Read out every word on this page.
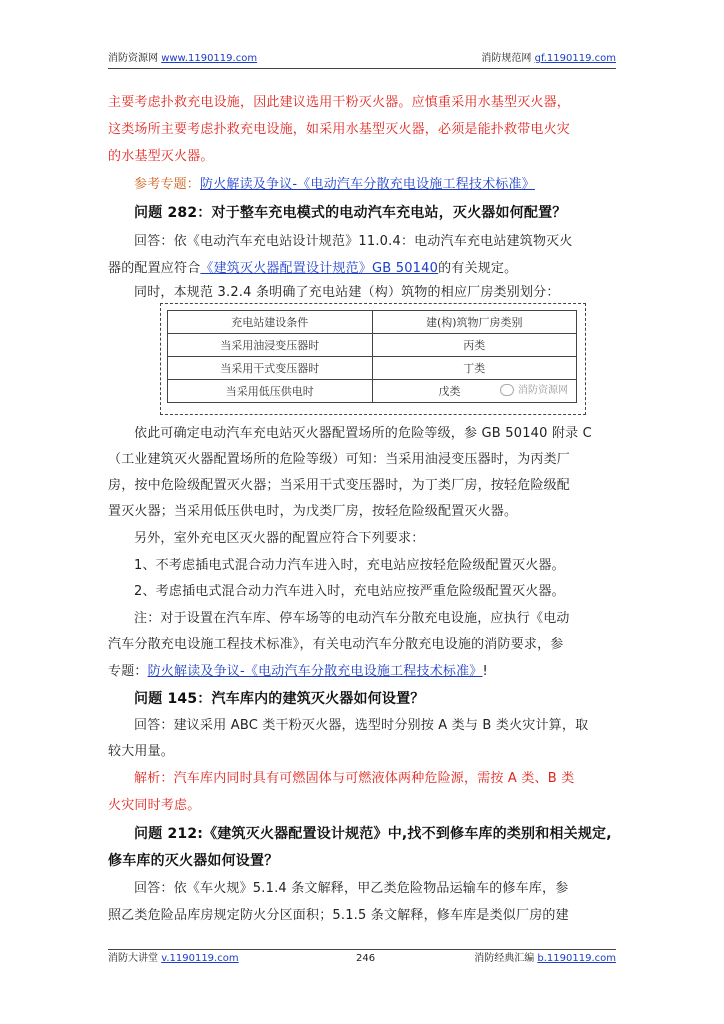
消防资源网 www.1190119.com	消防规范网 gf.1190119.com
主要考虑扑救充电设施，因此建议选用干粉灭火器。应慎重采用水基型灭火器，
这类场所主要考虑扑救充电设施，如采用水基型灭火器，必须是能扑救带电火灾
的水基型灭火器。
参考专题：防火解读及争议-《电动汽车分散充电设施工程技术标准》
问题 282：对于整车充电模式的电动汽车充电站，灭火器如何配置？
回答：依《电动汽车充电站设计规范》11.0.4：电动汽车充电站建筑物灭火
器的配置应符合《建筑灭火器配置设计规范》GB 50140的有关规定。
同时，本规范 3.2.4 条明确了充电站建（构）筑物的相应厂房类别划分：
充电站建设条件	建(构)筑物厂房类别
当采用油浸变压器时	丙类
当采用干式变压器时	丁类
当采用低压供电时	戊类	消防资源网
依此可确定电动汽车充电站灭火器配置场所的危险等级，参 GB 50140 附录 C
（工业建筑灭火器配置场所的危险等级）可知：当采用油浸变压器时，为丙类厂
房，按中危险级配置灭火器；当采用干式变压器时，为丁类厂房，按轻危险级配
置灭火器；当采用低压供电时，为戊类厂房，按轻危险级配置灭火器。
另外，室外充电区灭火器的配置应符合下列要求：
1、不考虑插电式混合动力汽车进入时，充电站应按轻危险级配置灭火器。
2、考虑插电式混合动力汽车进入时，充电站应按严重危险级配置灭火器。
注：对于设置在汽车库、停车场等的电动汽车分散充电设施，应执行《电动
汽车分散充电设施工程技术标准》，有关电动汽车分散充电设施的消防要求，参
专题：防火解读及争议-《电动汽车分散充电设施工程技术标准》!
问题 145：汽车库内的建筑灭火器如何设置？
回答：建议采用 ABC 类干粉灭火器，选型时分别按 A 类与 B 类火灾计算，取
较大用量。
解析：汽车库内同时具有可燃固体与可燃液体两种危险源，需按 A 类、B 类
火灾同时考虑。
问题 212:《建筑灭火器配置设计规范》中,找不到修车库的类别和相关规定,
修车库的灭火器如何设置？
回答：依《车火规》5.1.4 条文解释，甲乙类危险物品运输车的修车库，参
照乙类危险品库房规定防火分区面积；5.1.5 条文解释，修车库是类似厂房的建
消防大讲堂 v.1190119.com	246	消防经典汇编 b.1190119.com
